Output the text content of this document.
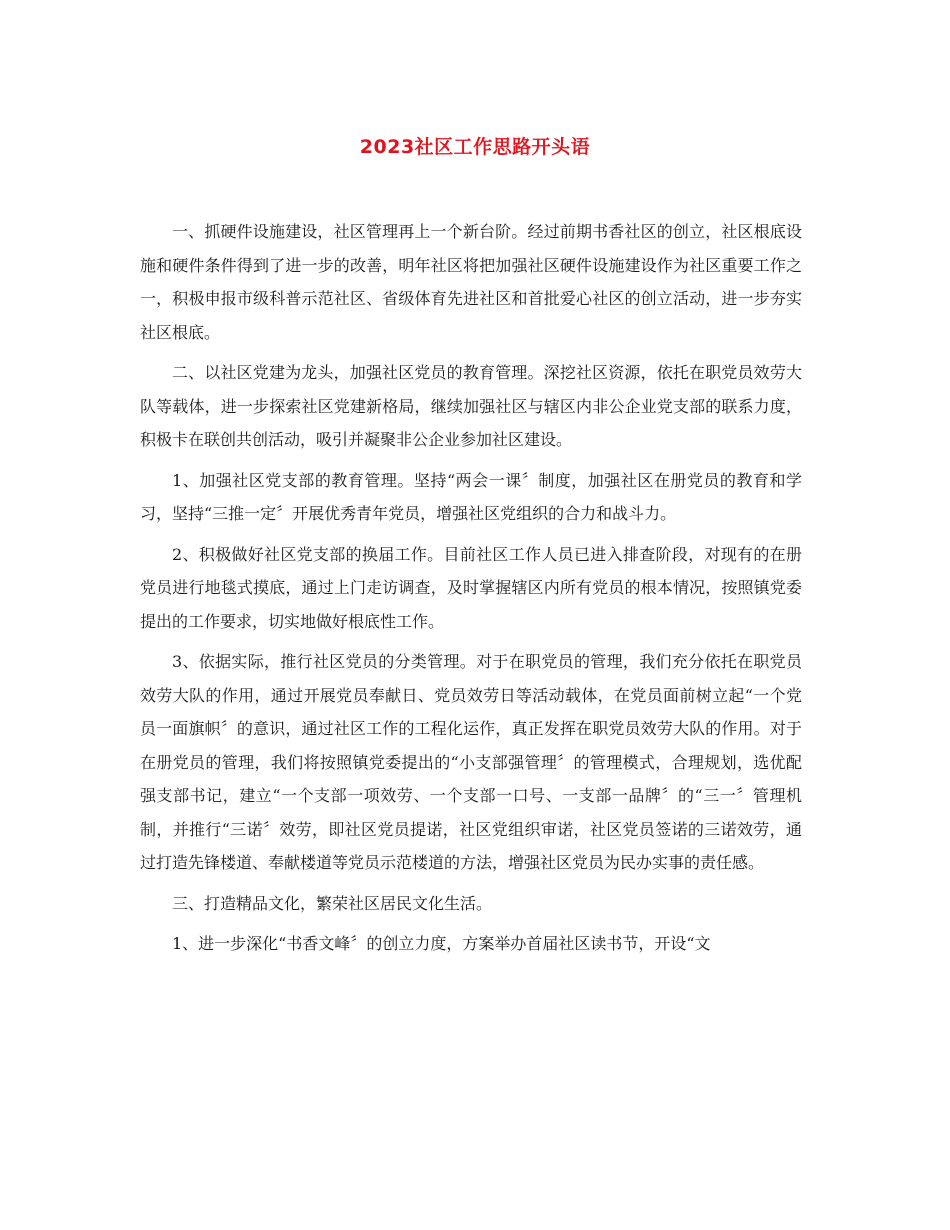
2023社区工作思路开头语

一、抓硬件设施建设，社区管理再上一个新台阶。经过前期书香社区的创立，社区根底设施和硬件条件得到了进一步的改善，明年社区将把加强社区硬件设施建设作为社区重要工作之一，积极申报市级科普示范社区、省级体育先进社区和首批爱心社区的创立活动，进一步夯实社区根底。

二、以社区党建为龙头，加强社区党员的教育管理。深挖社区资源，依托在职党员效劳大队等载体，进一步探索社区党建新格局，继续加强社区与辖区内非公企业党支部的联系力度，积极卡在联创共创活动，吸引并凝聚非公企业参加社区建设。

1、加强社区党支部的教育管理。坚持“两会一课〞制度，加强社区在册党员的教育和学习，坚持“三推一定〞开展优秀青年党员，增强社区党组织的合力和战斗力。

2、积极做好社区党支部的换届工作。目前社区工作人员已进入排查阶段，对现有的在册党员进行地毯式摸底，通过上门走访调查，及时掌握辖区内所有党员的根本情况，按照镇党委提出的工作要求，切实地做好根底性工作。

3、依据实际，推行社区党员的分类管理。对于在职党员的管理，我们充分依托在职党员效劳大队的作用，通过开展党员奉献日、党员效劳日等活动载体，在党员面前树立起“一个党员一面旗帜〞的意识，通过社区工作的工程化运作，真正发挥在职党员效劳大队的作用。对于在册党员的管理，我们将按照镇党委提出的“小支部强管理〞的管理模式，合理规划，选优配强支部书记，建立“一个支部一项效劳、一个支部一口号、一支部一品牌〞的“三一〞管理机制，并推行“三诺〞效劳，即社区党员提诺，社区党组织审诺，社区党员签诺的三诺效劳，通过打造先锋楼道、奉献楼道等党员示范楼道的方法，增强社区党员为民办实事的责任感。

三、打造精品文化，繁荣社区居民文化生活。

1、进一步深化“书香文峰〞的创立力度，方案举办首届社区读书节，开设“文
